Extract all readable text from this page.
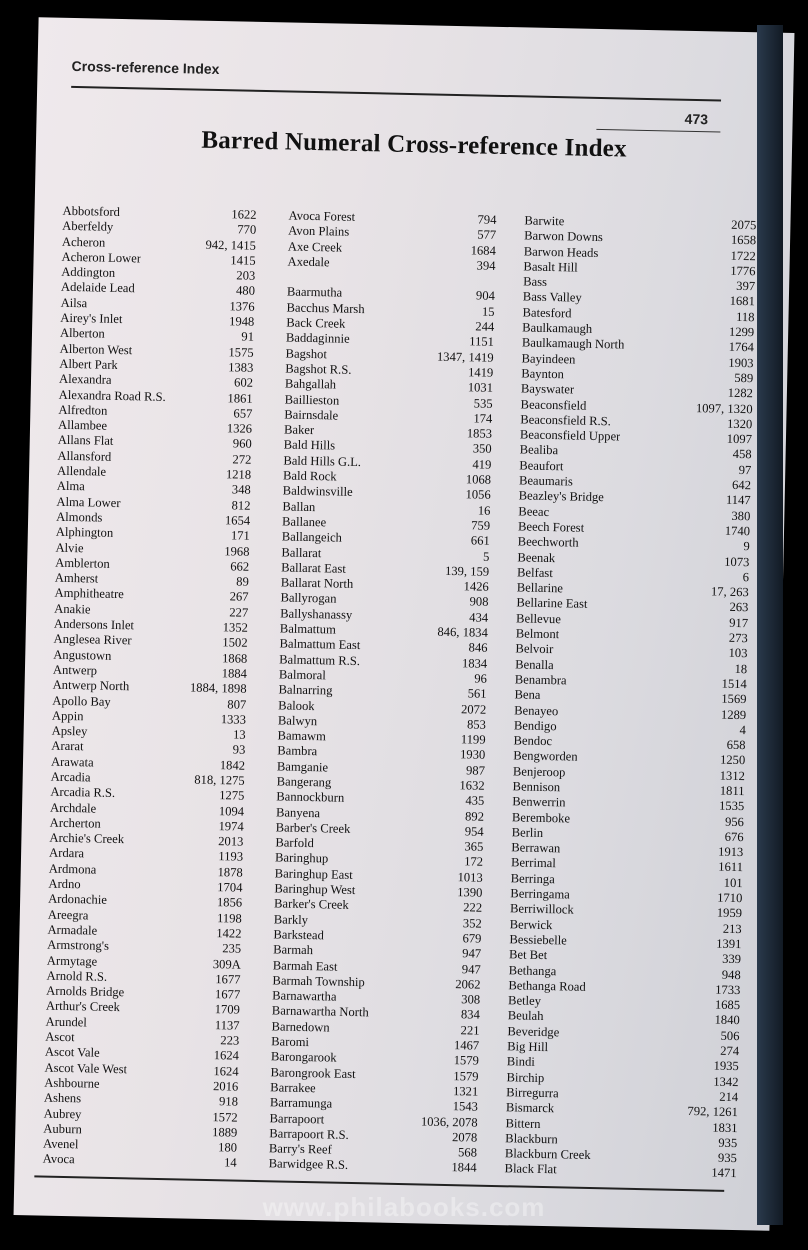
Cross-reference Index
473
Barred Numeral Cross-reference Index
Abbotsford	1622
Aberfeldy	770
Acheron	942, 1415
Acheron Lower	1415
Addington	203
Adelaide Lead	480
Ailsa	1376
Airey's Inlet	1948
Alberton	91
Alberton West	1575
Albert Park	1383
Alexandra	602
Alexandra Road R.S.	1861
Alfredton	657
Allambee	1326
Allans Flat	960
Allansford	272
Allendale	1218
Alma	348
Alma Lower	812
Almonds	1654
Alphington	171
Alvie	1968
Amblerton	662
Amherst	89
Amphitheatre	267
Anakie	227
Andersons Inlet	1352
Anglesea River	1502
Angustown	1868
Antwerp	1884
Antwerp North	1884, 1898
Apollo Bay	807
Appin	1333
Apsley	13
Ararat	93
Arawata	1842
Arcadia	818, 1275
Arcadia R.S.	1275
Archdale	1094
Archerton	1974
Archie's Creek	2013
Ardara	1193
Ardmona	1878
Ardno	1704
Ardonachie	1856
Areegra	1198
Armadale	1422
Armstrong's	235
Armytage	309A
Arnold R.S.	1677
Arnolds Bridge	1677
Arthur's Creek	1709
Arundel	1137
Ascot	223
Ascot Vale	1624
Ascot Vale West	1624
Ashbourne	2016
Ashens	918
Aubrey	1572
Auburn	1889
Avenel	180
Avoca	14
Avoca Forest	794
Avon Plains	577
Axe Creek	1684
Axedale	394
Baarmutha	904
Bacchus Marsh	15
Back Creek	244
Baddaginnie	1151
Bagshot	1347, 1419
Bagshot R.S.	1419
Bahgallah	1031
Baillieston	535
Bairnsdale	174
Baker	1853
Bald Hills	350
Bald Hills G.L.	419
Bald Rock	1068
Baldwinsville	1056
Ballan	16
Ballanee	759
Ballangeich	661
Ballarat	5
Ballarat East	139, 159
Ballarat North	1426
Ballyrogan	908
Ballyshanassy	434
Balmattum	846, 1834
Balmattum East	846
Balmattum R.S.	1834
Balmoral	96
Balnarring	561
Balook	2072
Balwyn	853
Bamawm	1199
Bambra	1930
Bamganie	987
Bangerang	1632
Bannockburn	435
Banyena	892
Barber's Creek	954
Barfold	365
Baringhup	172
Baringhup East	1013
Baringhup West	1390
Barker's Creek	222
Barkly	352
Barkstead	679
Barmah	947
Barmah East	947
Barmah Township	2062
Barnawartha	308
Barnawartha North	834
Barnedown	221
Baromi	1467
Barongarook	1579
Barongrook East	1579
Barrakee	1321
Barramunga	1543
Barrapoort	1036, 2078
Barrapoort R.S.	2078
Barry's Reef	568
Barwidgee R.S.	1844
Barwite	2075
Barwon Downs	1658
Barwon Heads	1722
Basalt Hill	1776
Bass	397
Bass Valley	1681
Batesford	118
Baulkamaugh	1299
Baulkamaugh North	1764
Bayindeen	1903
Baynton	589
Bayswater	1282
Beaconsfield	1097, 1320
Beaconsfield R.S.	1320
Beaconsfield Upper	1097
Bealiba	458
Beaufort	97
Beaumaris	642
Beazley's Bridge	1147
Beeac	380
Beech Forest	1740
Beechworth	9
Beenak	1073
Belfast	6
Bellarine	17, 263
Bellarine East	263
Bellevue	917
Belmont	273
Belvoir	103
Benalla	18
Benambra	1514
Bena	1569
Benayeo	1289
Bendigo	4
Bendoc	658
Bengworden	1250
Benjeroop	1312
Bennison	1811
Benwerrin	1535
Beremboke	956
Berlin	676
Berrawan	1913
Berrimal	1611
Berringa	101
Berringama	1710
Berriwillock	1959
Berwick	213
Bessiebelle	1391
Bet Bet	339
Bethanga	948
Bethanga Road	1733
Betley	1685
Beulah	1840
Beveridge	506
Big Hill	274
Bindi	1935
Birchip	1342
Birregurra	214
Bismarck	792, 1261
Bittern	1831
Blackburn	935
Blackburn Creek	935
Black Flat	1471
www.philabooks.com
